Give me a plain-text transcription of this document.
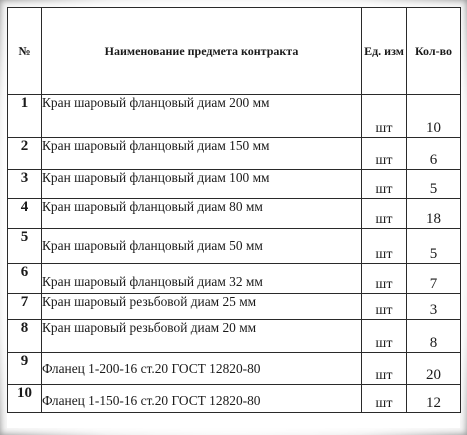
№	Наименование предмета контракта	Ед. изм	Кол-во
1	Кран шаровый фланцовый диам 200 мм	шт	10
2	Кран шаровый фланцовый диам 150 мм	шт	6
3	Кран шаровый фланцовый диам 100 мм	шт	5
4	Кран шаровый фланцовый диам 80 мм	шт	18
5	Кран шаровый фланцовый диам 50 мм	шт	5
6	Кран шаровый фланцовый диам 32 мм	шт	7
7	Кран шаровый резьбовой диам 25 мм	шт	3
8	Кран шаровый резьбовой диам 20 мм	шт	8
9	Фланец 1-200-16 ст.20 ГОСТ 12820-80	шт	20
10	Фланец 1-150-16 ст.20 ГОСТ 12820-80	шт	12
